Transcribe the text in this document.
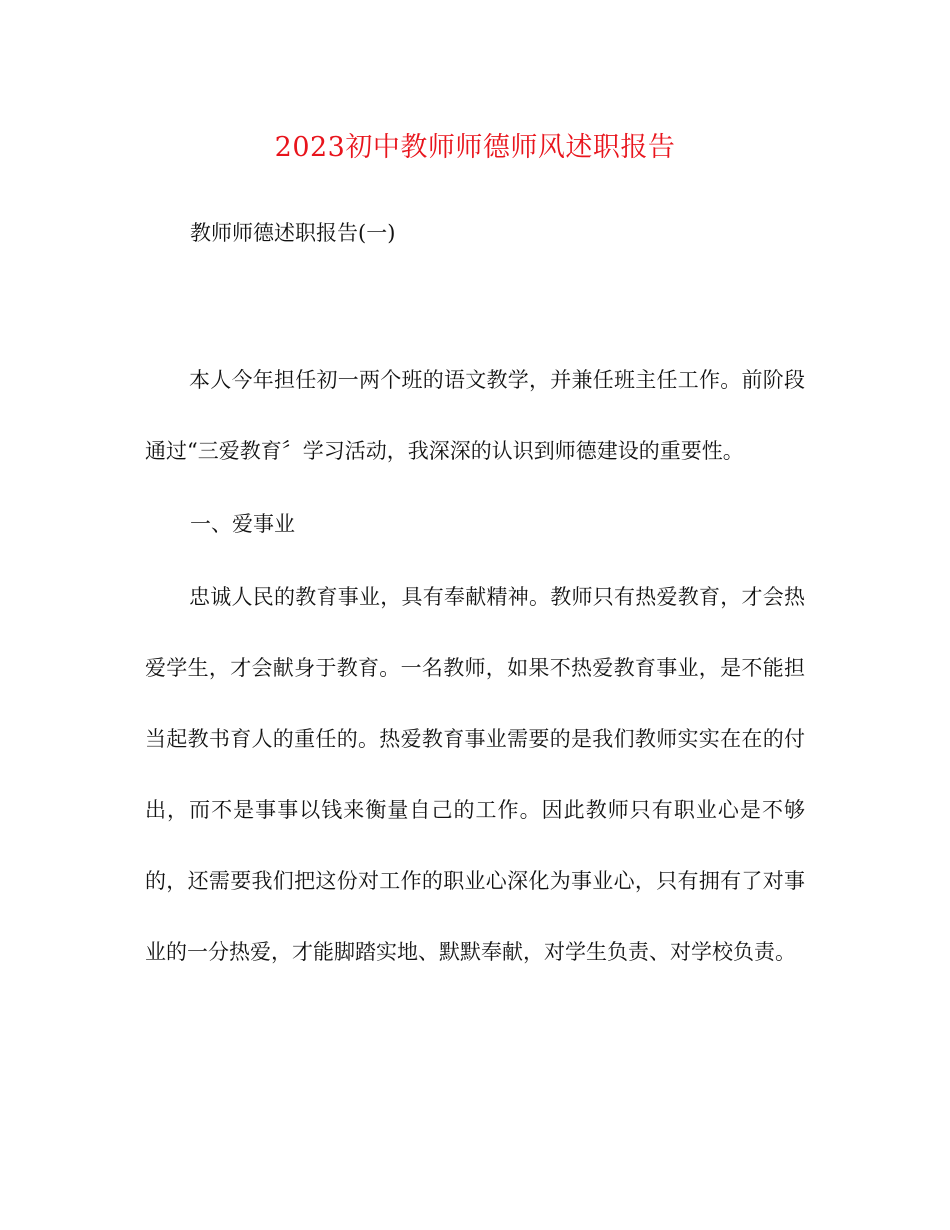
2023初中教师师德师风述职报告
教师师德述职报告(一)

本人今年担任初一两个班的语文教学，并兼任班主任工作。前阶段通过“三爱教育〞学习活动，我深深的认识到师德建设的重要性。

一、爱事业

忠诚人民的教育事业，具有奉献精神。教师只有热爱教育，才会热爱学生，才会献身于教育。一名教师，如果不热爱教育事业，是不能担当起教书育人的重任的。热爱教育事业需要的是我们教师实实在在的付出，而不是事事以钱来衡量自己的工作。因此教师只有职业心是不够的，还需要我们把这份对工作的职业心深化为事业心，只有拥有了对事业的一分热爱，才能脚踏实地、默默奉献，对学生负责、对学校负责。
